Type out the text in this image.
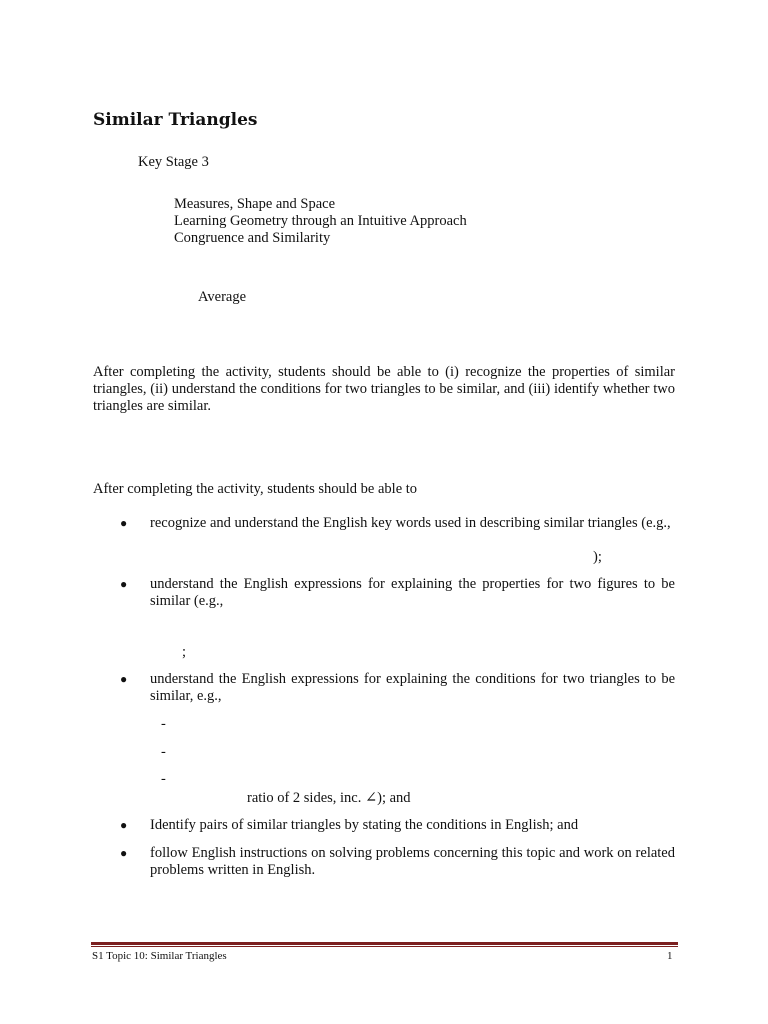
Similar Triangles
Key Stage 3
Measures, Shape and Space
Learning Geometry through an Intuitive Approach
Congruence and Similarity
Average
After completing the activity, students should be able to (i) recognize the properties of similar triangles, (ii) understand the conditions for two triangles to be similar, and (iii) identify whether two triangles are similar.
After completing the activity, students should be able to
● recognize and understand the English key words used in describing similar triangles (e.g.,
);
● understand the English expressions for explaining the properties for two figures to be similar (e.g.,
;
● understand the English expressions for explaining the conditions for two triangles to be similar, e.g.,
-
-
-
ratio of 2 sides, inc. ∠); and
● Identify pairs of similar triangles by stating the conditions in English; and
● follow English instructions on solving problems concerning this topic and work on related problems written in English.
S1 Topic 10: Similar Triangles	1
